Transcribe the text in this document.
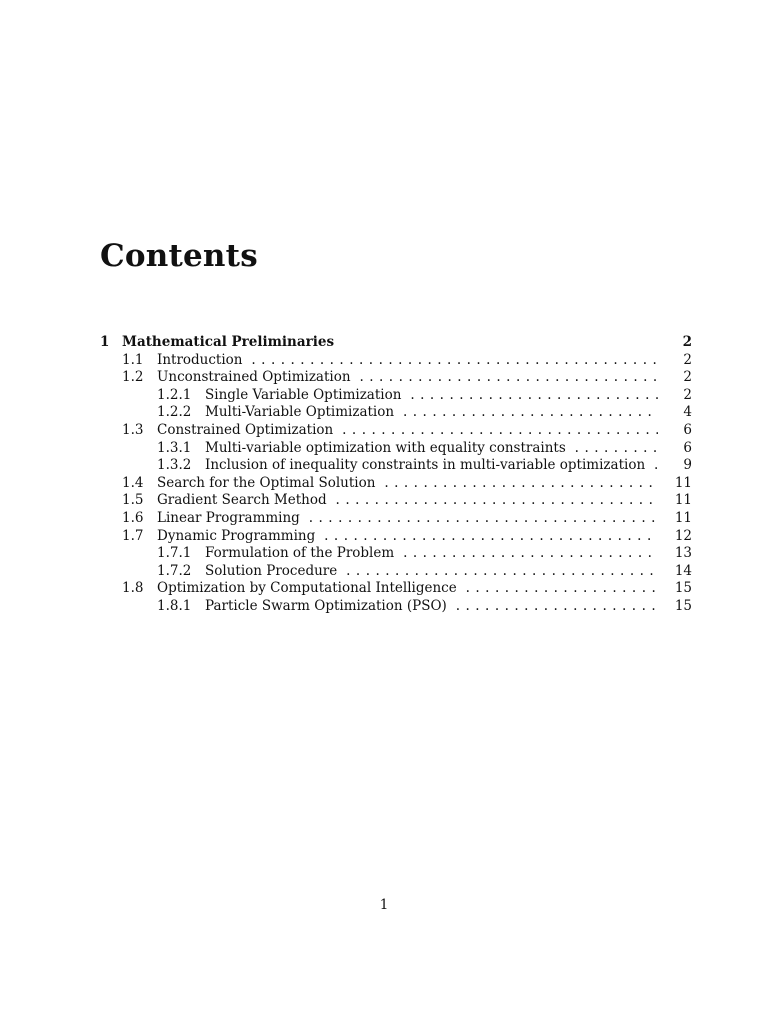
Contents
1 Mathematical Preliminaries	2
1.1 Introduction . . .	2
1.2 Unconstrained Optimization . . .	2
1.2.1 Single Variable Optimization . . .	2
1.2.2 Multi-Variable Optimization . . .	4
1.3 Constrained Optimization . . .	6
1.3.1 Multi-variable optimization with equality constraints . . .	6
1.3.2 Inclusion of inequality constraints in multi-variable optimization . . .	9
1.4 Search for the Optimal Solution . . .	11
1.5 Gradient Search Method . . .	11
1.6 Linear Programming . . .	11
1.7 Dynamic Programming . . .	12
1.7.1 Formulation of the Problem . . .	13
1.7.2 Solution Procedure . . .	14
1.8 Optimization by Computational Intelligence . . .	15
1.8.1 Particle Swarm Optimization (PSO) . . .	15
1
